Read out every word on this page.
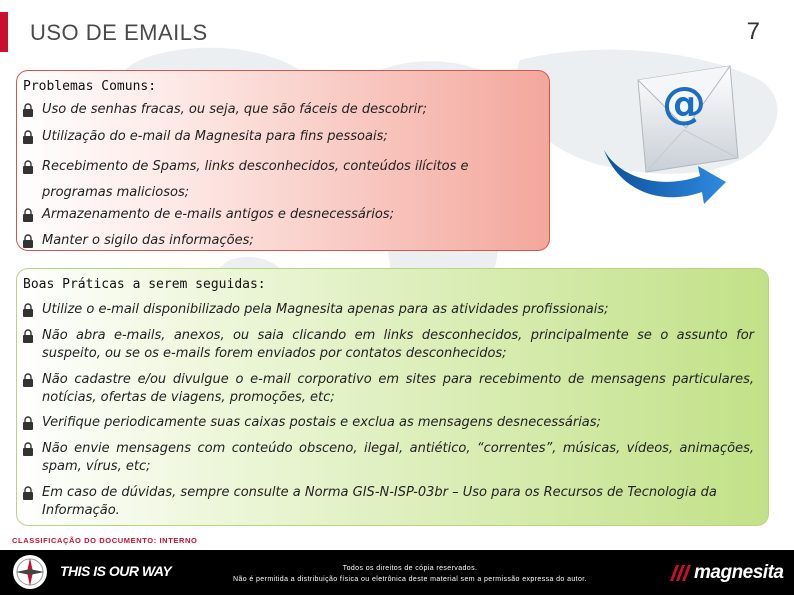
USO DE EMAILS	7
@
Problemas Comuns:
Uso de senhas fracas, ou seja, que são fáceis de descobrir;
Utilização do e-mail da Magnesita para fins pessoais;
Recebimento de Spams, links desconhecidos, conteúdos ilícitos e programas maliciosos;
Armazenamento de e-mails antigos e desnecessários;
Manter o sigilo das informações;
Boas Práticas a serem seguidas:
Utilize o e-mail disponibilizado pela Magnesita apenas para as atividades profissionais;
Não abra e-mails, anexos, ou saia clicando em links desconhecidos, principalmente se o assunto for suspeito, ou se os e-mails forem enviados por contatos desconhecidos;
Não cadastre e/ou divulgue o e-mail corporativo em sites para recebimento de mensagens particulares, notícias, ofertas de viagens, promoções, etc;
Verifique periodicamente suas caixas postais e exclua as mensagens desnecessárias;
Não envie mensagens com conteúdo obsceno, ilegal, antiético, “correntes”, músicas, vídeos, animações, spam, vírus, etc;
Em caso de dúvidas, sempre consulte a Norma GIS-N-ISP-03br – Uso para os Recursos de Tecnologia da Informação.
CLASSIFICAÇÃO DO DOCUMENTO: INTERNO
THIS IS OUR WAY	Todos os direitos de cópia reservados.
Não é permitida a distribuição física ou eletrônica deste material sem a permissão expressa do autor.	magnesita
